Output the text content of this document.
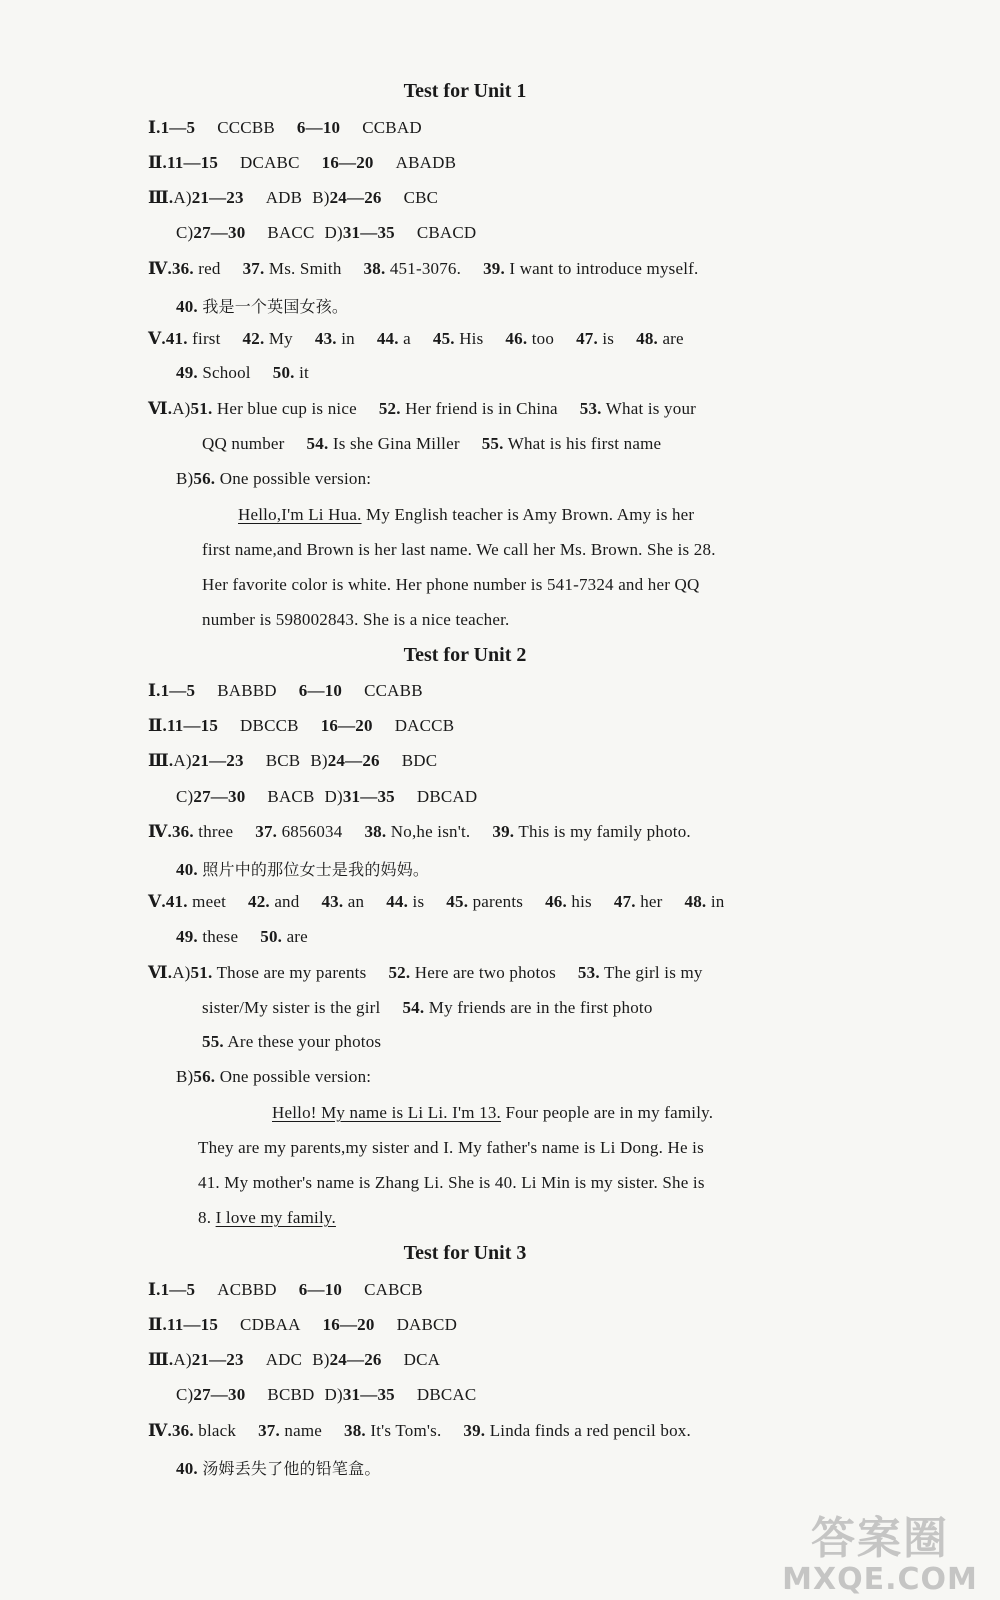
Test for Unit 1
Ⅰ.1—5 CCCBB 6—10 CCBAD
Ⅱ.11—15 DCABC 16—20 ABADB
Ⅲ.A)21—23 ADB B)24—26 CBC
C)27—30 BACC D)31—35 CBACD
Ⅳ.36. red 37. Ms. Smith 38. 451-3076. 39. I want to introduce myself.
40. 我是一个英国女孩。
Ⅴ.41. first 42. My 43. in 44. a 45. His 46. too 47. is 48. are
49. School 50. it
Ⅵ.A)51. Her blue cup is nice 52. Her friend is in China 53. What is your
QQ number 54. Is she Gina Miller 55. What is his first name
B)56. One possible version:
Hello,I'm Li Hua. My English teacher is Amy Brown. Amy is her
first name,and Brown is her last name. We call her Ms. Brown. She is 28.
Her favorite color is white. Her phone number is 541-7324 and her QQ
number is 598002843. She is a nice teacher.
Test for Unit 2
Ⅰ.1—5 BABBD 6—10 CCABB
Ⅱ.11—15 DBCCB 16—20 DACCB
Ⅲ.A)21—23 BCB B)24—26 BDC
C)27—30 BACB D)31—35 DBCAD
Ⅳ.36. three 37. 6856034 38. No,he isn't. 39. This is my family photo.
40. 照片中的那位女士是我的妈妈。
Ⅴ.41. meet 42. and 43. an 44. is 45. parents 46. his 47. her 48. in
49. these 50. are
Ⅵ.A)51. Those are my parents 52. Here are two photos 53. The girl is my
sister/My sister is the girl 54. My friends are in the first photo
55. Are these your photos
B)56. One possible version:
Hello! My name is Li Li. I'm 13. Four people are in my family.
They are my parents,my sister and I. My father's name is Li Dong. He is
41. My mother's name is Zhang Li. She is 40. Li Min is my sister. She is
8. I love my family.
Test for Unit 3
Ⅰ.1—5 ACBBD 6—10 CABCB
Ⅱ.11—15 CDBAA 16—20 DABCD
Ⅲ.A)21—23 ADC B)24—26 DCA
C)27—30 BCBD D)31—35 DBCAC
Ⅳ.36. black 37. name 38. It's Tom's. 39. Linda finds a red pencil box.
40. 汤姆丢失了他的铅笔盒。
答案圈
MXQE.COM
